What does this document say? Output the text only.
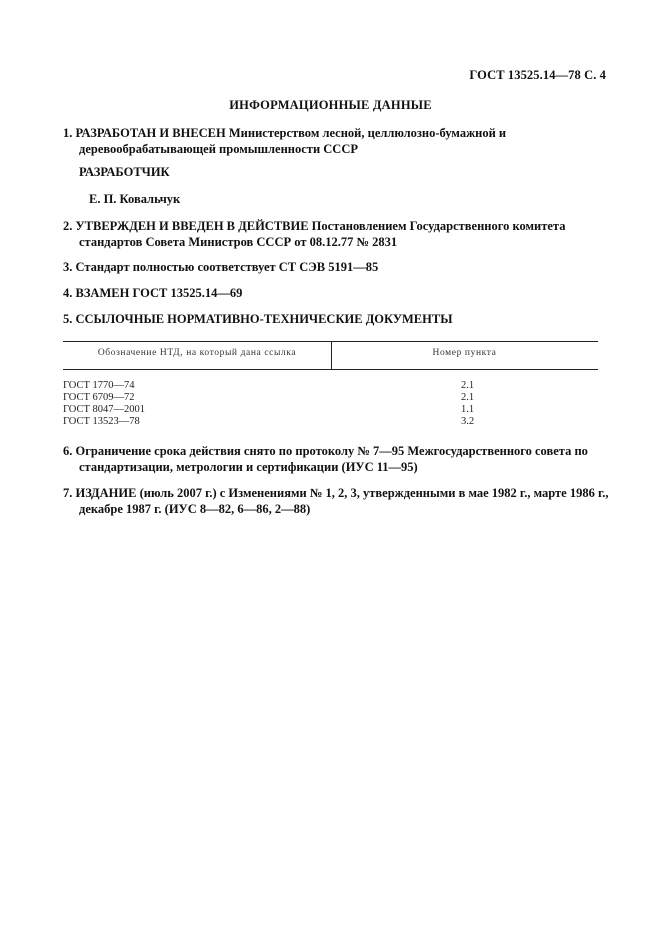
ГОСТ 13525.14—78 С. 4
ИНФОРМАЦИОННЫЕ ДАННЫЕ
1. РАЗРАБОТАН И ВНЕСЕН Министерством лесной, целлюлозно-бумажной и деревообрабатывающей промышленности СССР
РАЗРАБОТЧИК
Е. П. Ковальчук
2. УТВЕРЖДЕН И ВВЕДЕН В ДЕЙСТВИЕ Постановлением Государственного комитета стандартов Совета Министров СССР от 08.12.77 № 2831
3. Стандарт полностью соответствует СТ СЭВ 5191—85
4. ВЗАМЕН ГОСТ 13525.14—69
5. ССЫЛОЧНЫЕ НОРМАТИВНО-ТЕХНИЧЕСКИЕ ДОКУМЕНТЫ
Обозначение НТД, на который дана ссылка	Номер пункта
ГОСТ 1770—74	2.1
ГОСТ 6709—72	2.1
ГОСТ 8047—2001	1.1
ГОСТ 13523—78	3.2
6. Ограничение срока действия снято по протоколу № 7—95 Межгосударственного совета по стандартизации, метрологии и сертификации (ИУС 11—95)
7. ИЗДАНИЕ (июль 2007 г.) с Изменениями № 1, 2, 3, утвержденными в мае 1982 г., марте 1986 г., декабре 1987 г. (ИУС 8—82, 6—86, 2—88)
